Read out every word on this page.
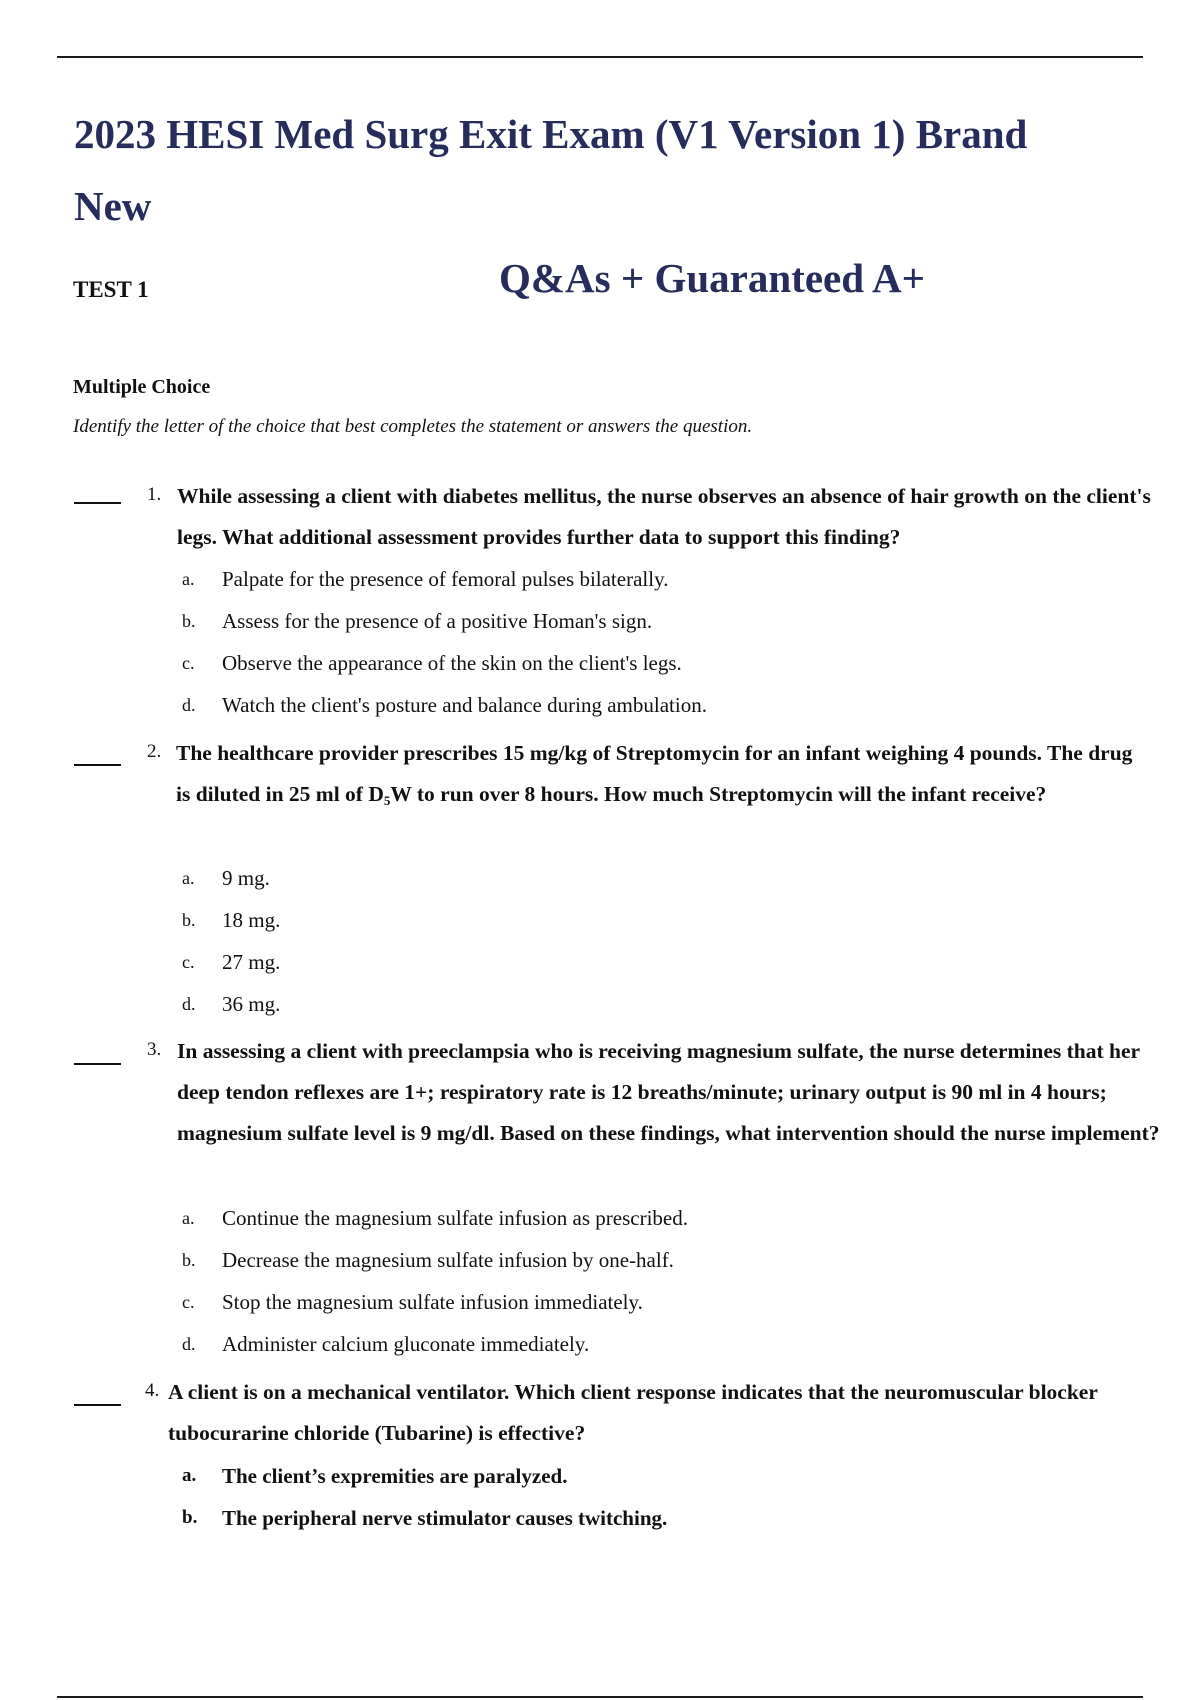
2023 HESI Med Surg Exit Exam (V1 Version 1) Brand New
Q&As + Guaranteed A+
TEST 1
Multiple Choice
Identify the letter of the choice that best completes the statement or answers the question.
1. While assessing a client with diabetes mellitus, the nurse observes an absence of hair growth on the client's legs. What additional assessment provides further data to support this finding?
a.	Palpate for the presence of femoral pulses bilaterally.
b.	Assess for the presence of a positive Homan's sign.
c.	Observe the appearance of the skin on the client's legs.
d.	Watch the client's posture and balance during ambulation.
2. The healthcare provider prescribes 15 mg/kg of Streptomycin for an infant weighing 4 pounds. The drug is diluted in 25 ml of $D_5W$ to run over 8 hours. How much Streptomycin will the infant receive?
a.	9 mg.
b.	18 mg.
c.	27 mg.
d.	36 mg.
3. In assessing a client with preeclampsia who is receiving magnesium sulfate, the nurse determines that her deep tendon reflexes are 1+; respiratory rate is 12 breaths/minute; urinary output is 90 ml in 4 hours; magnesium sulfate level is 9 mg/dl. Based on these findings, what intervention should the nurse implement?
a.	Continue the magnesium sulfate infusion as prescribed.
b.	Decrease the magnesium sulfate infusion by one-half.
c.	Stop the magnesium sulfate infusion immediately.
d.	Administer calcium gluconate immediately.
4. A client is on a mechanical ventilator. Which client response indicates that the neuromuscular blocker tubocurarine chloride (Tubarine) is effective?
a.	The client’s expremities are paralyzed.
b.	The peripheral nerve stimulator causes twitching.
